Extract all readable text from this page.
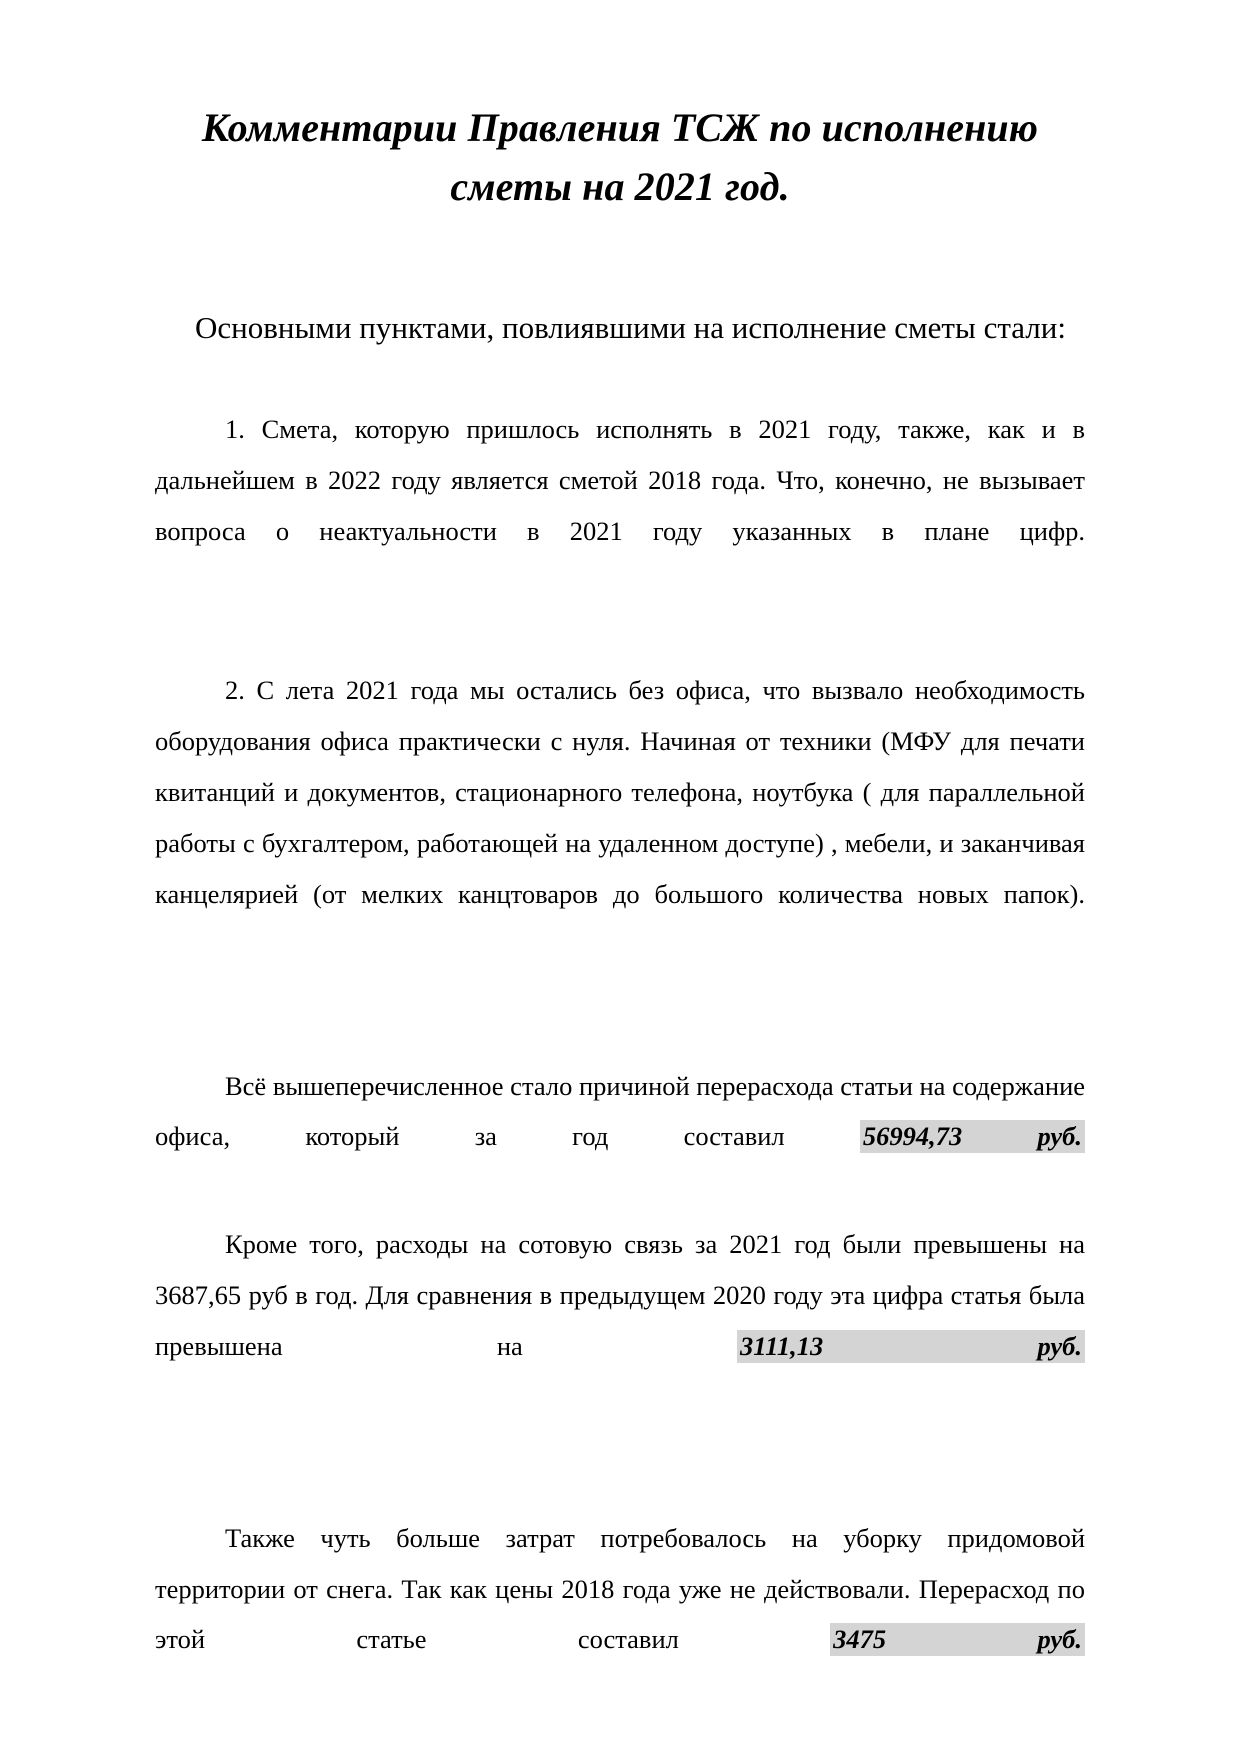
Комментарии Правления ТСЖ по исполнению сметы на 2021 год.

Основными пунктами, повлиявшими на исполнение сметы стали:

1. Смета, которую пришлось исполнять в 2021 году, также, как и в дальнейшем в 2022 году является сметой 2018 года. Что, конечно, не вызывает вопроса о неактуальности в 2021 году указанных в плане цифр.

2. С лета 2021 года мы остались без офиса, что вызвало необходимость оборудования офиса практически с нуля. Начиная от техники (МФУ для печати квитанций и документов, стационарного телефона, ноутбука ( для параллельной работы с бухгалтером, работающей на удаленном доступе) , мебели, и заканчивая канцелярией (от мелких канцтоваров до большого количества новых папок).

Всё вышеперечисленное стало причиной перерасхода статьи на содержание офиса, который за год составил 56994,73 руб.

Кроме того, расходы на сотовую связь за 2021 год были превышены на 3687,65 руб в год. Для сравнения в предыдущем 2020 году эта цифра статья была превышена на 3111,13 руб.

Также чуть больше затрат потребовалось на уборку придомовой территории от снега. Так как цены 2018 года уже не действовали. Перерасход по этой статье составил 3475 руб.
